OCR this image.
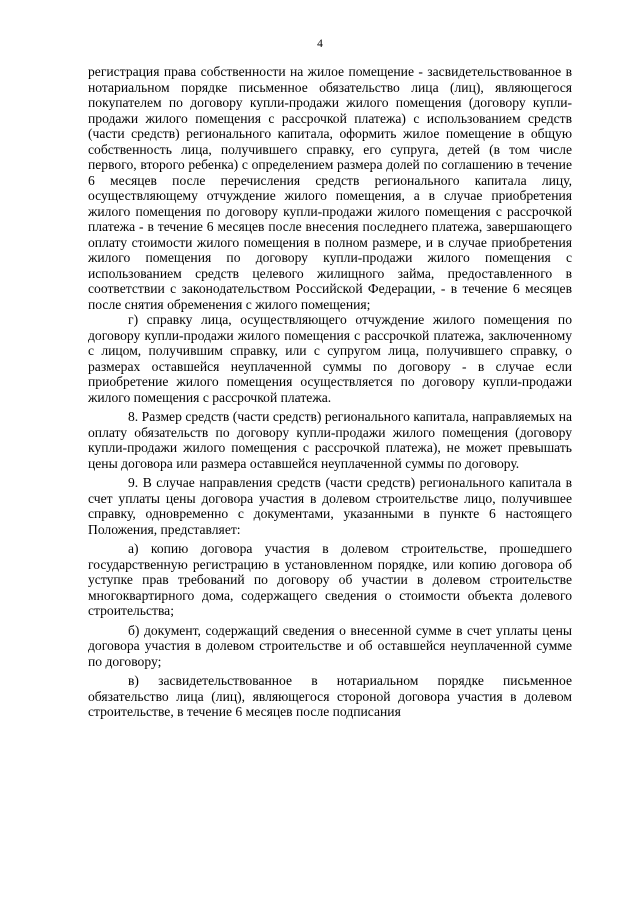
4

регистрация права собственности на жилое помещение - засвидетельствованное в нотариальном порядке письменное обязательство лица (лиц), являющегося покупателем по договору купли-продажи жилого помещения (договору купли-продажи жилого помещения с рассрочкой платежа) с использованием средств (части средств) регионального капитала, оформить жилое помещение в общую собственность лица, получившего справку, его супруга, детей (в том числе первого, второго ребенка) с определением размера долей по соглашению в течение 6 месяцев после перечисления средств регионального капитала лицу, осуществляющему отчуждение жилого помещения, а в случае приобретения жилого помещения по договору купли-продажи жилого помещения с рассрочкой платежа - в течение 6 месяцев после внесения последнего платежа, завершающего оплату стоимости жилого помещения в полном размере, и в случае приобретения жилого помещения по договору купли-продажи жилого помещения с использованием средств целевого жилищного займа, предоставленного в соответствии с законодательством Российской Федерации, - в течение 6 месяцев после снятия обременения с жилого помещения;

г) справку лица, осуществляющего отчуждение жилого помещения по договору купли-продажи жилого помещения с рассрочкой платежа, заключенному с лицом, получившим справку, или с супругом лица, получившего справку, о размерах оставшейся неуплаченной суммы по договору - в случае если приобретение жилого помещения осуществляется по договору купли-продажи жилого помещения с рассрочкой платежа.

8. Размер средств (части средств) регионального капитала, направляемых на оплату обязательств по договору купли-продажи жилого помещения (договору купли-продажи жилого помещения с рассрочкой платежа), не может превышать цены договора или размера оставшейся неуплаченной суммы по договору.

9. В случае направления средств (части средств) регионального капитала в счет уплаты цены договора участия в долевом строительстве лицо, получившее справку, одновременно с документами, указанными в пункте 6 настоящего Положения, представляет:

а) копию договора участия в долевом строительстве, прошедшего государственную регистрацию в установленном порядке, или копию договора об уступке прав требований по договору об участии в долевом строительстве многоквартирного дома, содержащего сведения о стоимости объекта долевого строительства;

б) документ, содержащий сведения о внесенной сумме в счет уплаты цены договора участия в долевом строительстве и об оставшейся неуплаченной сумме по договору;

в) засвидетельствованное в нотариальном порядке письменное обязательство лица (лиц), являющегося стороной договора участия в долевом строительстве, в течение 6 месяцев после подписания
